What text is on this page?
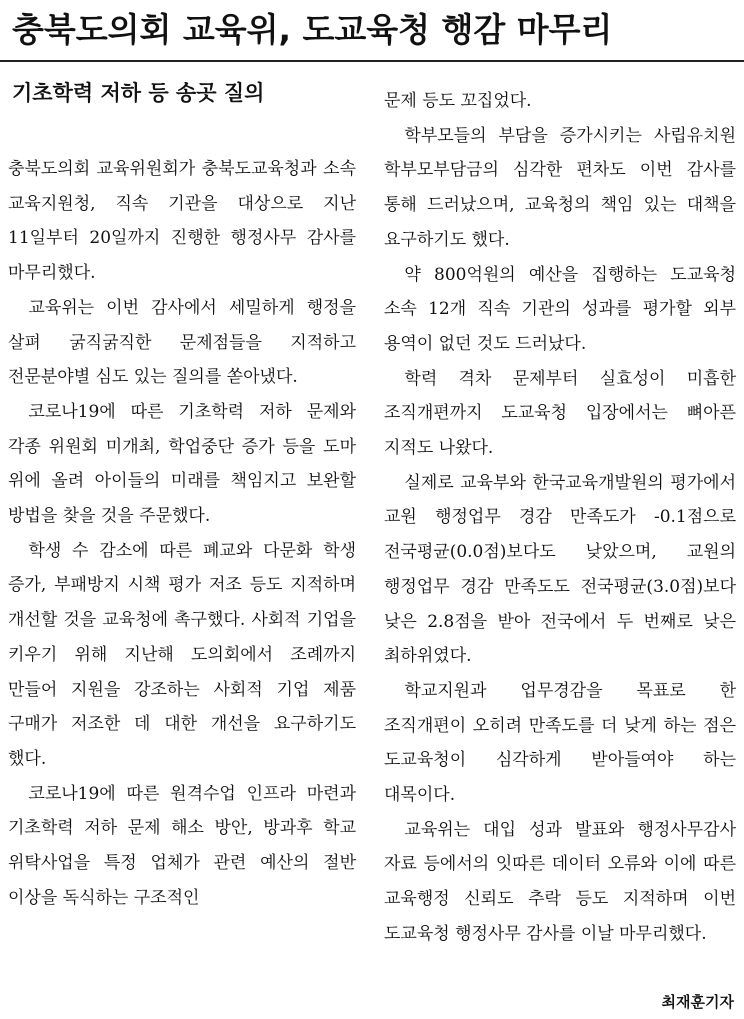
충북도의회 교육위, 도교육청 행감 마무리
기초학력 저하 등 송곳 질의

충북도의회 교육위원회가 충북도교육청과 소속 교육지원청, 직속 기관을 대상으로 지난 11일부터 20일까지 진행한 행정사무 감사를 마무리했다.

교육위는 이번 감사에서 세밀하게 행정을 살펴 굵직굵직한 문제점들을 지적하고 전문분야별 심도 있는 질의를 쏟아냈다.

코로나19에 따른 기초학력 저하 문제와 각종 위원회 미개최, 학업중단 증가 등을 도마 위에 올려 아이들의 미래를 책임지고 보완할 방법을 찾을 것을 주문했다.

학생 수 감소에 따른 폐교와 다문화 학생 증가, 부패방지 시책 평가 저조 등도 지적하며 개선할 것을 교육청에 촉구했다. 사회적 기업을 키우기 위해 지난해 도의회에서 조례까지 만들어 지원을 강조하는 사회적 기업 제품 구매가 저조한 데 대한 개선을 요구하기도 했다.

코로나19에 따른 원격수업 인프라 마련과 기초학력 저하 문제 해소 방안, 방과후 학교 위탁사업을 특정 업체가 관련 예산의 절반 이상을 독식하는 구조적인

문제 등도 꼬집었다.

학부모들의 부담을 증가시키는 사립유치원 학부모부담금의 심각한 편차도 이번 감사를 통해 드러났으며, 교육청의 책임 있는 대책을 요구하기도 했다.

약 800억원의 예산을 집행하는 도교육청 소속 12개 직속 기관의 성과를 평가할 외부 용역이 없던 것도 드러났다.

학력 격차 문제부터 실효성이 미흡한 조직개편까지 도교육청 입장에서는 뼈아픈 지적도 나왔다.

실제로 교육부와 한국교육개발원의 평가에서 교원 행정업무 경감 만족도가 -0.1점으로 전국평균(0.0점)보다도 낮았으며, 교원의 행정업무 경감 만족도도 전국평균(3.0점)보다 낮은 2.8점을 받아 전국에서 두 번째로 낮은 최하위였다.

학교지원과 업무경감을 목표로 한 조직개편이 오히려 만족도를 더 낮게 하는 점은 도교육청이 심각하게 받아들여야 하는 대목이다.

교육위는 대입 성과 발표와 행정사무감사 자료 등에서의 잇따른 데이터 오류와 이에 따른 교육행정 신뢰도 추락 등도 지적하며 이번 도교육청 행정사무 감사를 이날 마무리했다.

최재훈기자
